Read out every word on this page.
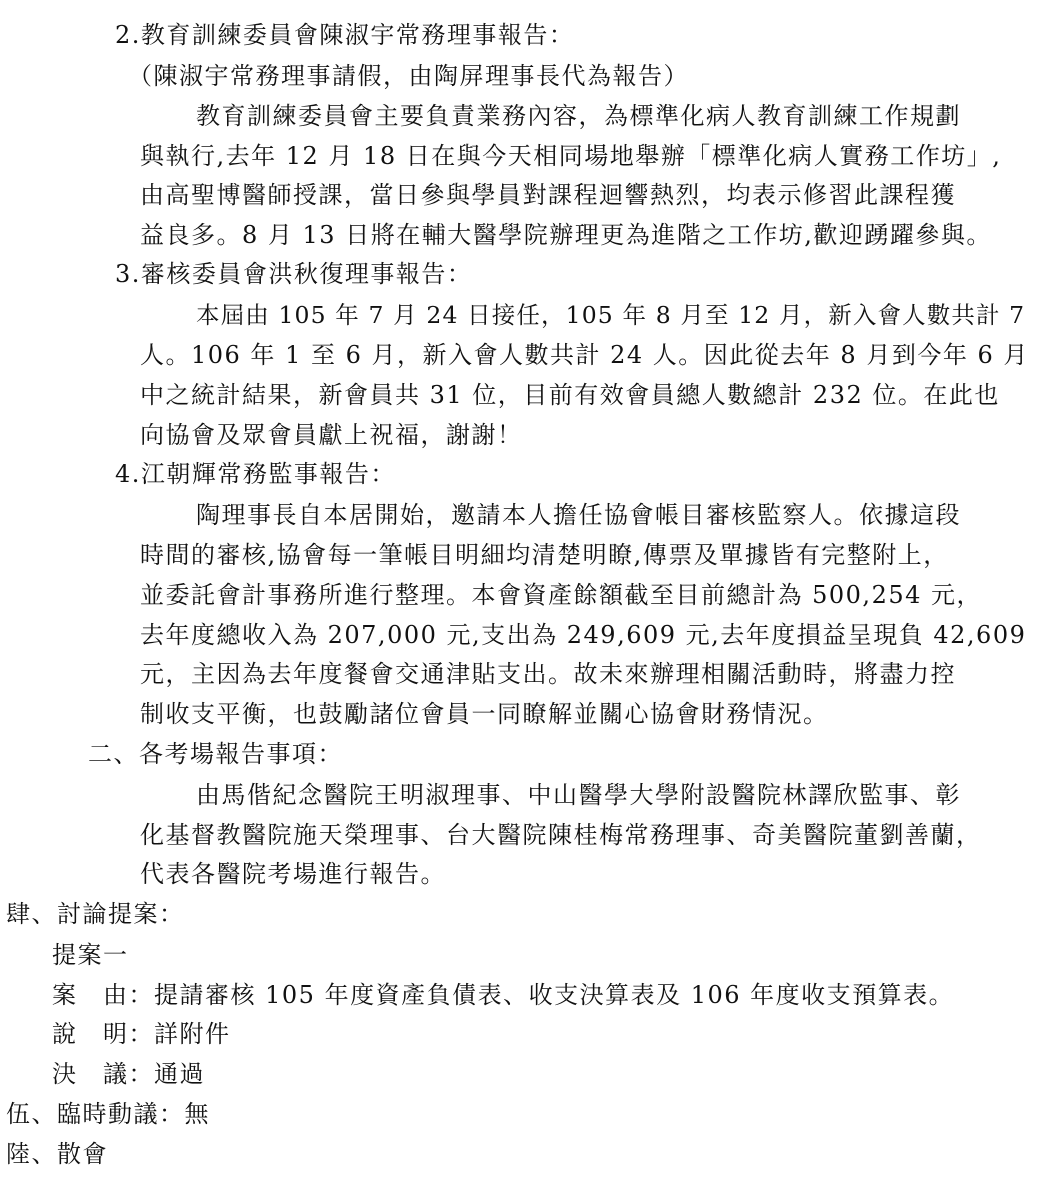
2.教育訓練委員會陳淑宇常務理事報告：
（陳淑宇常務理事請假，由陶屏理事長代為報告）
教育訓練委員會主要負責業務內容，為標準化病人教育訓練工作規劃
與執行,去年 12 月 18 日在與今天相同場地舉辦「標準化病人實務工作坊」,
由高聖博醫師授課，當日參與學員對課程迴響熱烈，均表示修習此課程獲
益良多。8 月 13 日將在輔大醫學院辦理更為進階之工作坊,歡迎踴躍參與。
3.審核委員會洪秋復理事報告：
本屆由 105 年 7 月 24 日接任，105 年 8 月至 12 月，新入會人數共計 7
人。106 年 1 至 6 月，新入會人數共計 24 人。因此從去年 8 月到今年 6 月
中之統計結果，新會員共 31 位，目前有效會員總人數總計 232 位。在此也
向協會及眾會員獻上祝福，謝謝！
4.江朝輝常務監事報告：
陶理事長自本居開始，邀請本人擔任協會帳目審核監察人。依據這段
時間的審核,協會每一筆帳目明細均清楚明瞭,傳票及單據皆有完整附上，
並委託會計事務所進行整理。本會資產餘額截至目前總計為 500,254 元，
去年度總收入為 207,000 元,支出為 249,609 元,去年度損益呈現負 42,609
元，主因為去年度餐會交通津貼支出。故未來辦理相關活動時，將盡力控
制收支平衡，也鼓勵諸位會員一同瞭解並關心協會財務情況。
二、各考場報告事項：
由馬偕紀念醫院王明淑理事、中山醫學大學附設醫院林譯欣監事、彰
化基督教醫院施天榮理事、台大醫院陳桂梅常務理事、奇美醫院董劉善蘭，
代表各醫院考場進行報告。
肆、討論提案：
提案一
案　由：提請審核 105 年度資產負債表、收支決算表及 106 年度收支預算表。
說　明：詳附件
決　議：通過
伍、臨時動議：無
陸、散會
